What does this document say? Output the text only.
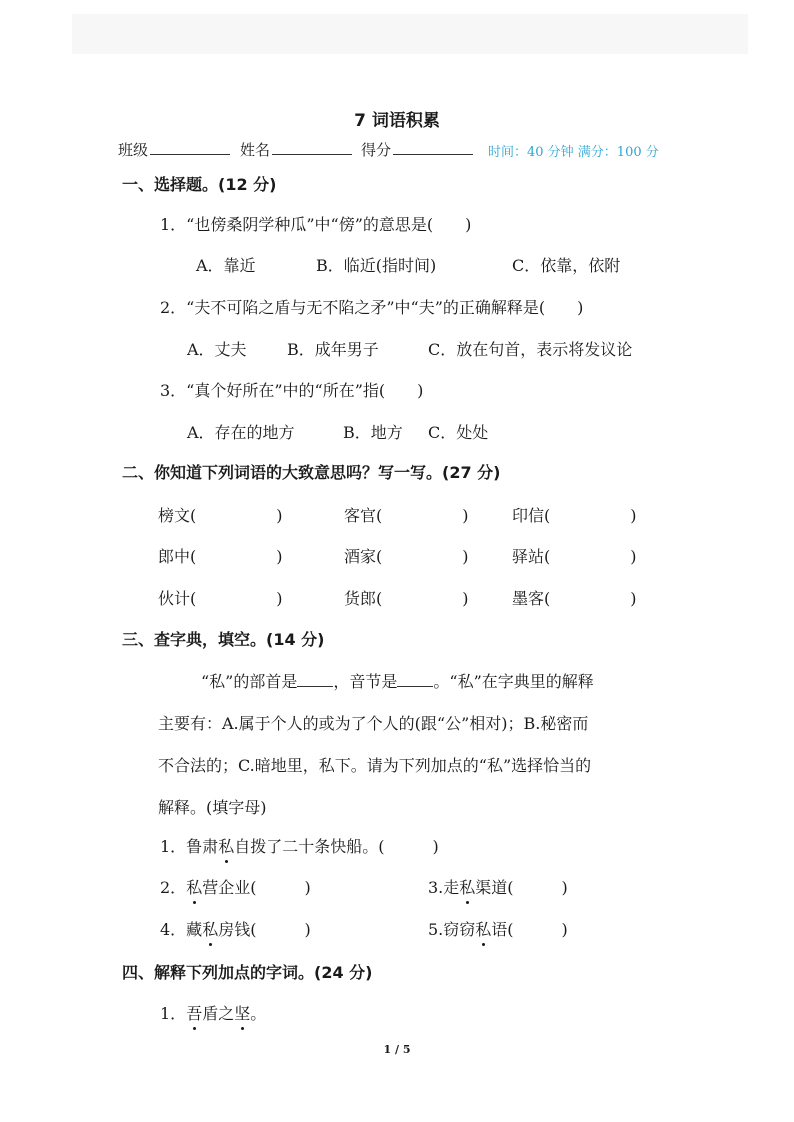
7 词语积累
班级	姓名	得分	时间：40 分钟 满分：100 分
一、选择题。(12 分)
1．“也傍桑阴学种瓜”中“傍”的意思是(　　)
A．靠近	B．临近(指时间)	C．依靠，依附
2．“夫不可陷之盾与无不陷之矛”中“夫”的正确解释是(　　)
A．丈夫	B．成年男子	C．放在句首，表示将发议论
3．“真个好所在”中的“所在”指(　　)
A．存在的地方	B．地方 C．处处
二、你知道下列词语的大致意思吗？写一写。(27 分)
榜文(　　　　　)	客官(　　　　　)	印信(　　　　　)
郎中(　　　　　)	酒家(　　　　　)	驿站(　　　　　)
伙计(　　　　　)	货郎(　　　　　)	墨客(　　　　　)
三、查字典，填空。(14 分)
“私”的部首是 ，音节是 。“私”在字典里的解释
主要有：A.属于个人的或为了个人的(跟“公”相对)；B.秘密而
不合法的；C.暗地里，私下。请为下列加点的“私”选择恰当的
解释。(填字母)
1．鲁肃私自拨了二十条快船。(　　　)
2．私营企业(　　　)	3.走私渠道(　　　)
4．藏私房钱(　　　)	5.窃窃私语(　　　)
四、解释下列加点的字词。(24 分)
1．吾盾之坚。
1 / 5
